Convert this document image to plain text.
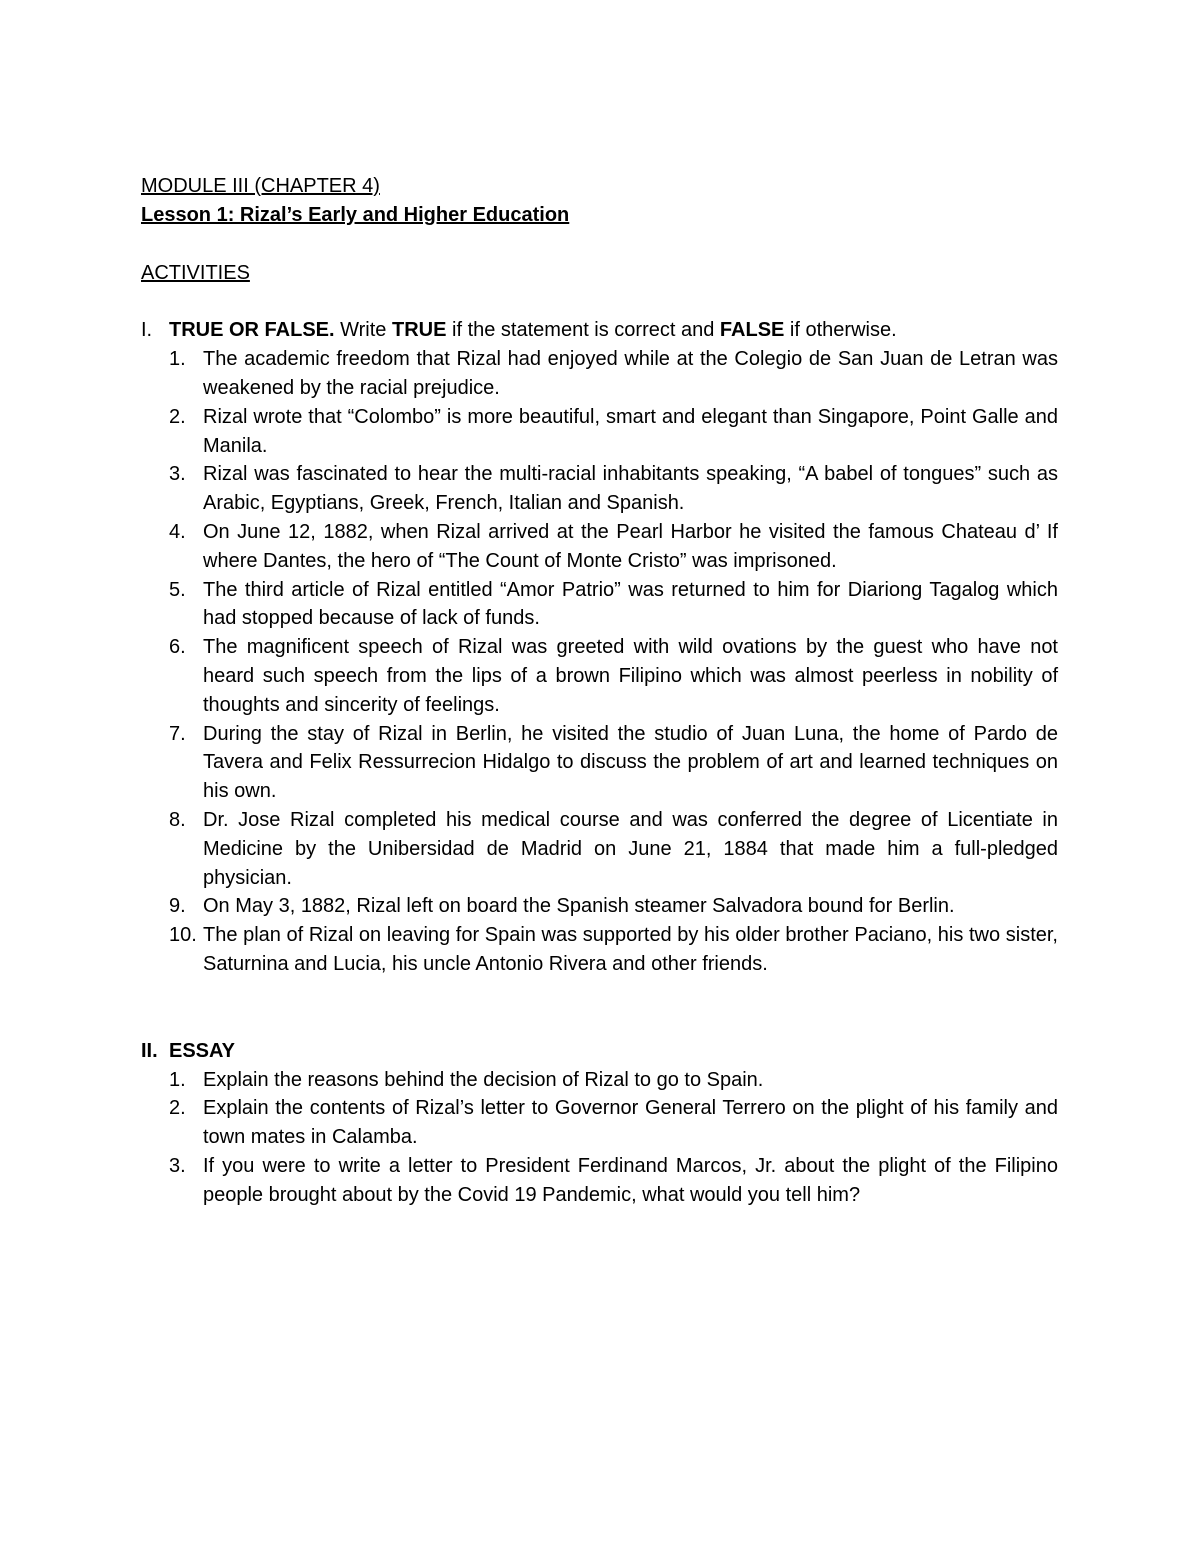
MODULE III (CHAPTER 4)
Lesson 1: Rizal’s Early and Higher Education
ACTIVITIES
I. TRUE OR FALSE. Write TRUE if the statement is correct and FALSE if otherwise.
1. The academic freedom that Rizal had enjoyed while at the Colegio de San Juan de Letran was weakened by the racial prejudice.
2. Rizal wrote that “Colombo” is more beautiful, smart and elegant than Singapore, Point Galle and Manila.
3. Rizal was fascinated to hear the multi-racial inhabitants speaking, “A babel of tongues” such as Arabic, Egyptians, Greek, French, Italian and Spanish.
4. On June 12, 1882, when Rizal arrived at the Pearl Harbor he visited the famous Chateau d’ If where Dantes, the hero of “The Count of Monte Cristo” was imprisoned.
5. The third article of Rizal entitled “Amor Patrio” was returned to him for Diariong Tagalog which had stopped because of lack of funds.
6. The magnificent speech of Rizal was greeted with wild ovations by the guest who have not heard such speech from the lips of a brown Filipino which was almost peerless in nobility of thoughts and sincerity of feelings.
7. During the stay of Rizal in Berlin, he visited the studio of Juan Luna, the home of Pardo de Tavera and Felix Ressurrecion Hidalgo to discuss the problem of art and learned techniques on his own.
8. Dr. Jose Rizal completed his medical course and was conferred the degree of Licentiate in Medicine by the Unibersidad de Madrid on June 21, 1884 that made him a full-pledged physician.
9. On May 3, 1882, Rizal left on board the Spanish steamer Salvadora bound for Berlin.
10. The plan of Rizal on leaving for Spain was supported by his older brother Paciano, his two sister, Saturnina and Lucia, his uncle Antonio Rivera and other friends.
II. ESSAY
1. Explain the reasons behind the decision of Rizal to go to Spain.
2. Explain the contents of Rizal’s letter to Governor General Terrero on the plight of his family and town mates in Calamba.
3. If you were to write a letter to President Ferdinand Marcos, Jr. about the plight of the Filipino people brought about by the Covid 19 Pandemic, what would you tell him?
